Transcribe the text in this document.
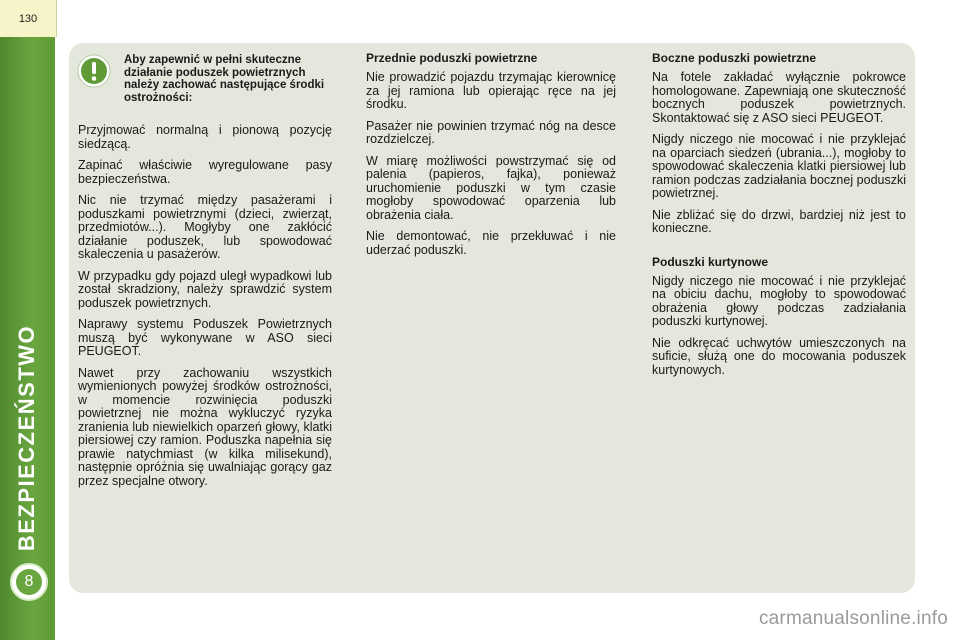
130
BEZPIECZEŃSTWO
8
Aby zapewnić w pełni skuteczne działanie poduszek powietrznych należy zachować następujące środki ostrożności:

Przyjmować normalną i pionową pozycję siedzącą.

Zapinać właściwie wyregulowane pasy bezpieczeństwa.

Nic nie trzymać między pasażerami i poduszkami powietrznymi (dzieci, zwierząt, przedmiotów...). Mogłyby one zakłócić działanie poduszek, lub spowodować skaleczenia u pasażerów.

W przypadku gdy pojazd uległ wypadkowi lub został skradziony, należy sprawdzić system poduszek powietrznych.

Naprawy systemu Poduszek Powietrznych muszą być wykonywane w ASO sieci PEUGEOT.

Nawet przy zachowaniu wszystkich wymienionych powyżej środków ostrożności, w momencie rozwinięcia poduszki powietrznej nie można wykluczyć ryzyka zranienia lub niewielkich oparzeń głowy, klatki piersiowej czy ramion. Poduszka napełnia się prawie natychmiast (w kilka milisekund), następnie opróżnia się uwalniając gorący gaz przez specjalne otwory.

Przednie poduszki powietrzne

Nie prowadzić pojazdu trzymając kierownicę za jej ramiona lub opierając ręce na jej środku.

Pasażer nie powinien trzymać nóg na desce rozdzielczej.

W miarę możliwości powstrzymać się od palenia (papieros, fajka), ponieważ uruchomienie poduszki w tym czasie mogłoby spowodować oparzenia lub obrażenia ciała.

Nie demontować, nie przekłuwać i nie uderzać poduszki.

Boczne poduszki powietrzne

Na fotele zakładać wyłącznie pokrowce homologowane. Zapewniają one skuteczność bocznych poduszek powietrznych. Skontaktować się z ASO sieci PEUGEOT.

Nigdy niczego nie mocować i nie przyklejać na oparciach siedzeń (ubrania...), mogłoby to spowodować skaleczenia klatki piersiowej lub ramion podczas zadziałania bocznej poduszki powietrznej.

Nie zbliżać się do drzwi, bardziej niż jest to konieczne.

Poduszki kurtynowe

Nigdy niczego nie mocować i nie przyklejać na obiciu dachu, mogłoby to spowodować obrażenia głowy podczas zadziałania poduszki kurtynowej.

Nie odkręcać uchwytów umieszczonych na suficie, służą one do mocowania poduszek kurtynowych.

carmanualsonline.info
